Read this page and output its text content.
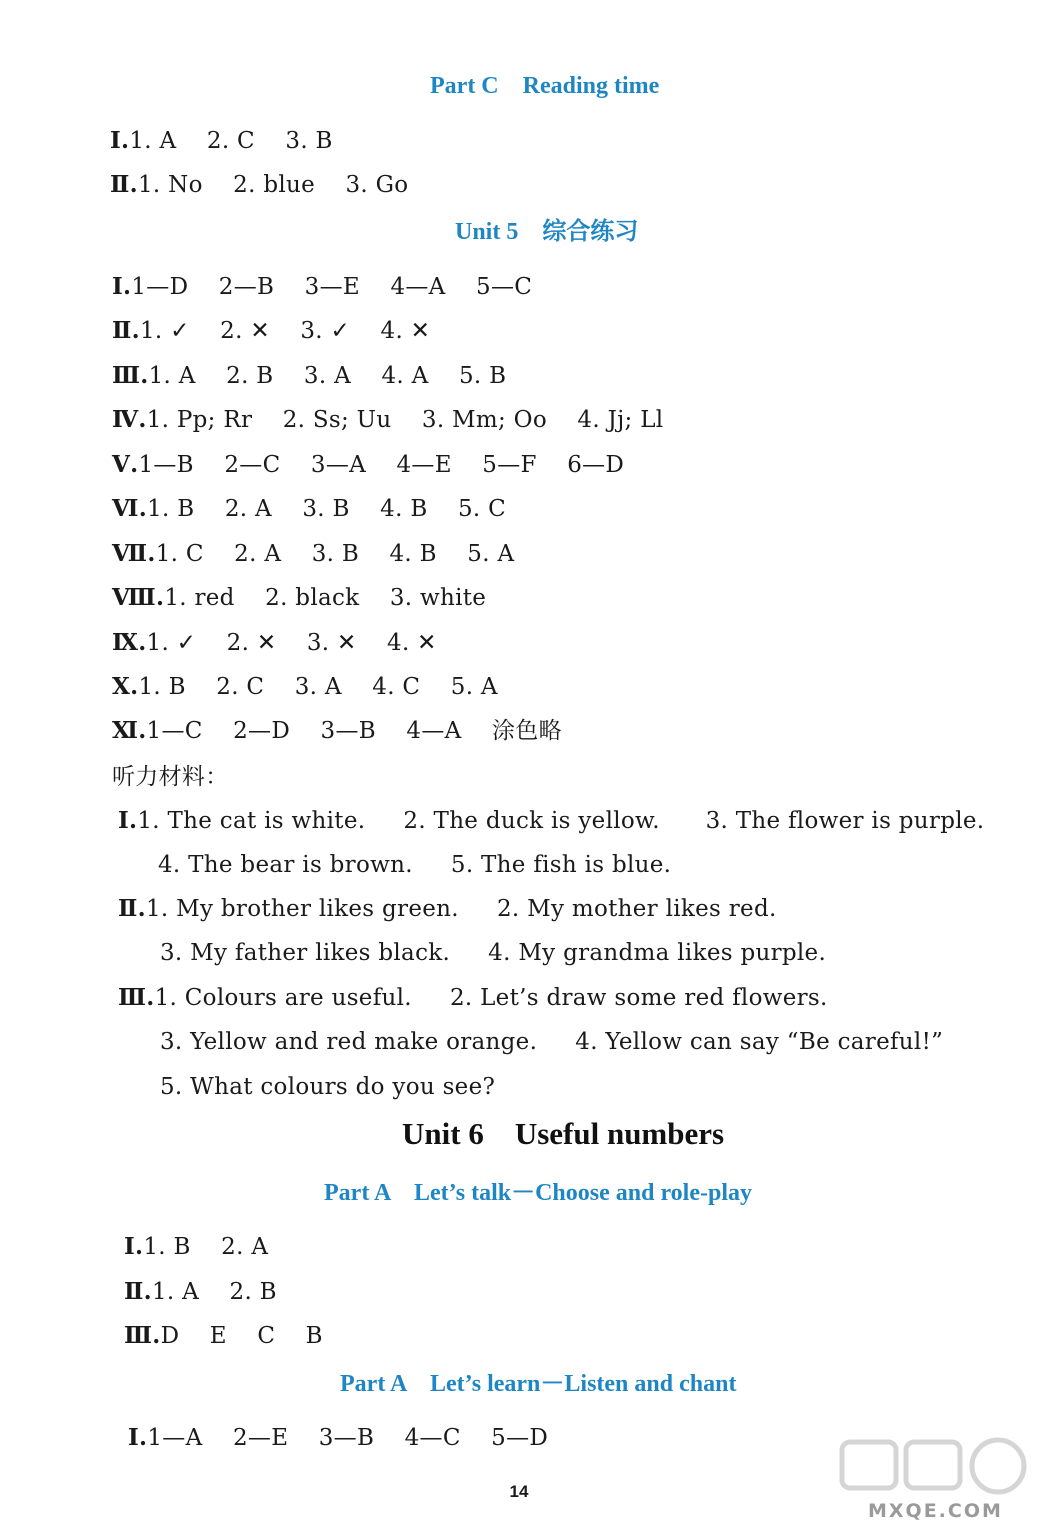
Part C    Reading time
Ⅰ.1. A    2. C    3. B
Ⅱ.1. No    2. blue    3. Go
Unit 5    综合练习
Ⅰ.1—D    2—B    3—E    4—A    5—C
Ⅱ.1. ✓    2. ✕    3. ✓    4. ✕
Ⅲ.1. A    2. B    3. A    4. A    5. B
Ⅳ.1. Pp; Rr    2. Ss; Uu    3. Mm; Oo    4. Jj; Ll
Ⅴ.1—B    2—C    3—A    4—E    5—F    6—D
Ⅵ.1. B    2. A    3. B    4. B    5. C
Ⅶ.1. C    2. A    3. B    4. B    5. A
Ⅷ.1. red    2. black    3. white
Ⅸ.1. ✓    2. ✕    3. ✕    4. ✕
Ⅹ.1. B    2. C    3. A    4. C    5. A
Ⅺ.1—C    2—D    3—B    4—A    涂色略
听力材料：
Ⅰ.1. The cat is white.     2. The duck is yellow.      3. The flower is purple.
4. The bear is brown.     5. The fish is blue.
Ⅱ.1. My brother likes green.     2. My mother likes red.
3. My father likes black.     4. My grandma likes purple.
Ⅲ.1. Colours are useful.     2. Let’s draw some red flowers.
3. Yellow and red make orange.     4. Yellow can say “Be careful!”
5. What colours do you see?
Unit 6    Useful numbers
Part A    Let’s talk－Choose and role-play
Ⅰ.1. B    2. A
Ⅱ.1. A    2. B
Ⅲ.D    E    C    B
Part A    Let’s learn－Listen and chant
Ⅰ.1—A    2—E    3—B    4—C    5—D
14
MXQE.COM
